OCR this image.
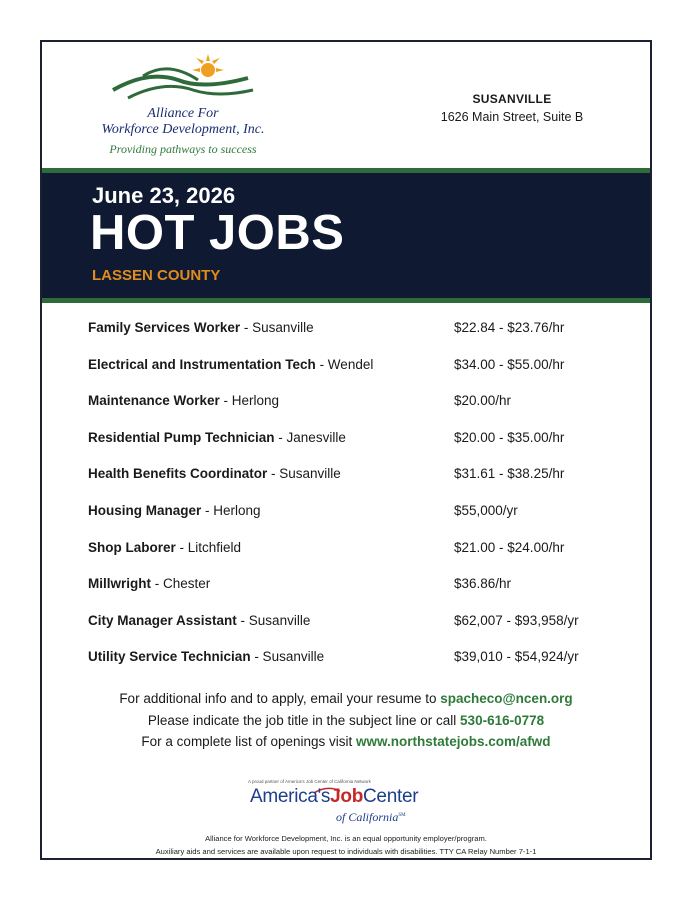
Alliance For
Workforce Development, Inc.
Providing pathways to success
SUSANVILLE
1626 Main Street, Suite B
June 23, 2026
HOT JOBS
LASSEN COUNTY
Family Services Worker - Susanville	$22.84 - $23.76/hr
Electrical and Instrumentation Tech - Wendel	$34.00 - $55.00/hr
Maintenance Worker - Herlong	$20.00/hr
Residential Pump Technician - Janesville	$20.00 - $35.00/hr
Health Benefits Coordinator - Susanville	$31.61 - $38.25/hr
Housing Manager - Herlong	$55,000/yr
Shop Laborer - Litchfield	$21.00 - $24.00/hr
Millwright - Chester	$36.86/hr
City Manager Assistant - Susanville	$62,007 - $93,958/yr
Utility Service Technician - Susanville	$39,010 - $54,924/yr
For additional info and to apply, email your resume to spacheco@ncen.org
Please indicate the job title in the subject line or call 530-616-0778
For a complete list of openings visit www.northstatejobs.com/afwd
A proud partner of America's Job Center of California Network
America'sJobCenter
of California℠
Alliance for Workforce Development, Inc. is an equal opportunity employer/program.
Auxiliary aids and services are available upon request to individuals with disabilities. TTY CA Relay Number 7-1-1
